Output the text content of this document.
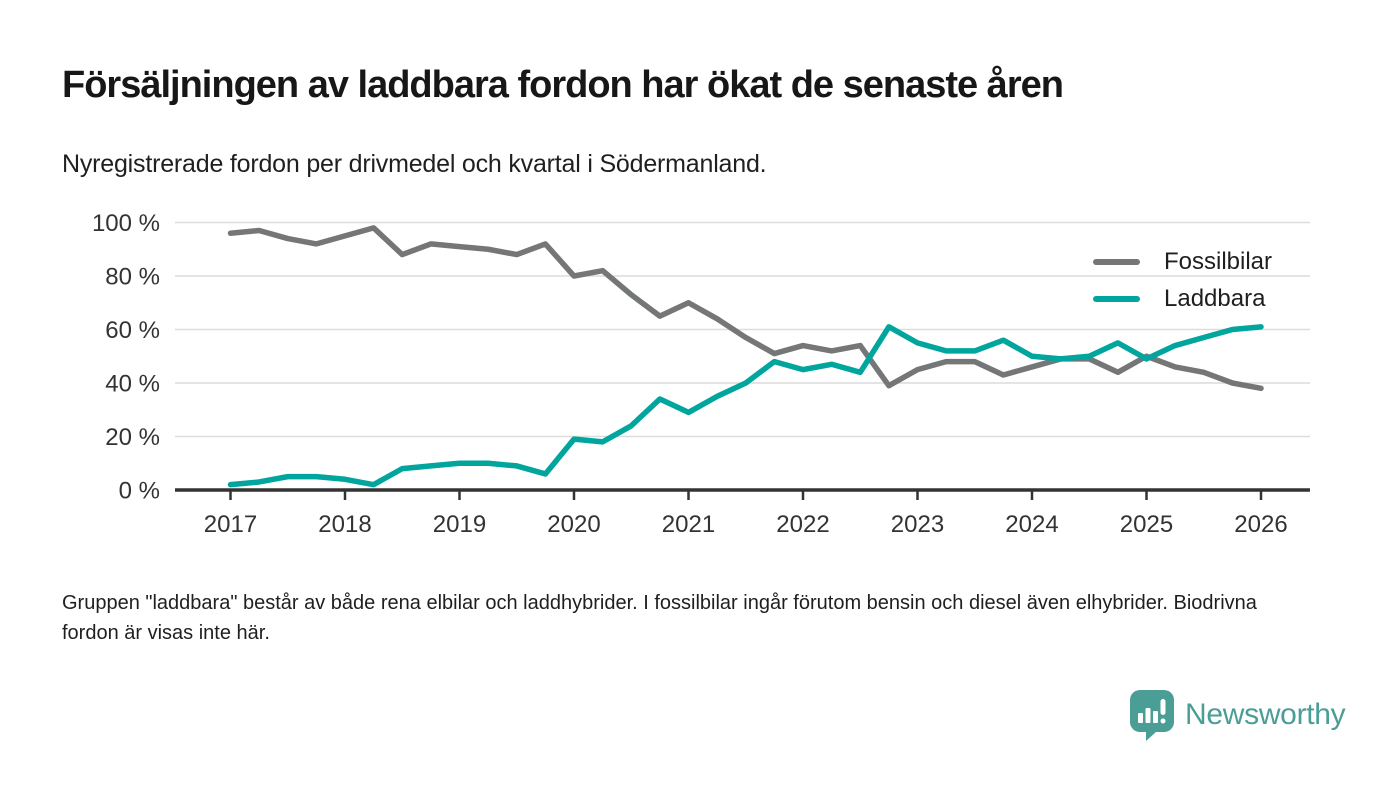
Försäljningen av laddbara fordon har ökat de senaste åren
Nyregistrerade fordon per drivmedel och kvartal i Södermanland.
0 %
20 %
40 %
60 %
80 %
100 %
2017	2018	2019	2020	2021	2022	2023	2024	2025	2026
Fossilbilar
Laddbara
Gruppen "laddbara" består av både rena elbilar och laddhybrider. I fossilbilar ingår förutom bensin och diesel även elhybrider. Biodrivna fordon är visas inte här.
Newsworthy
